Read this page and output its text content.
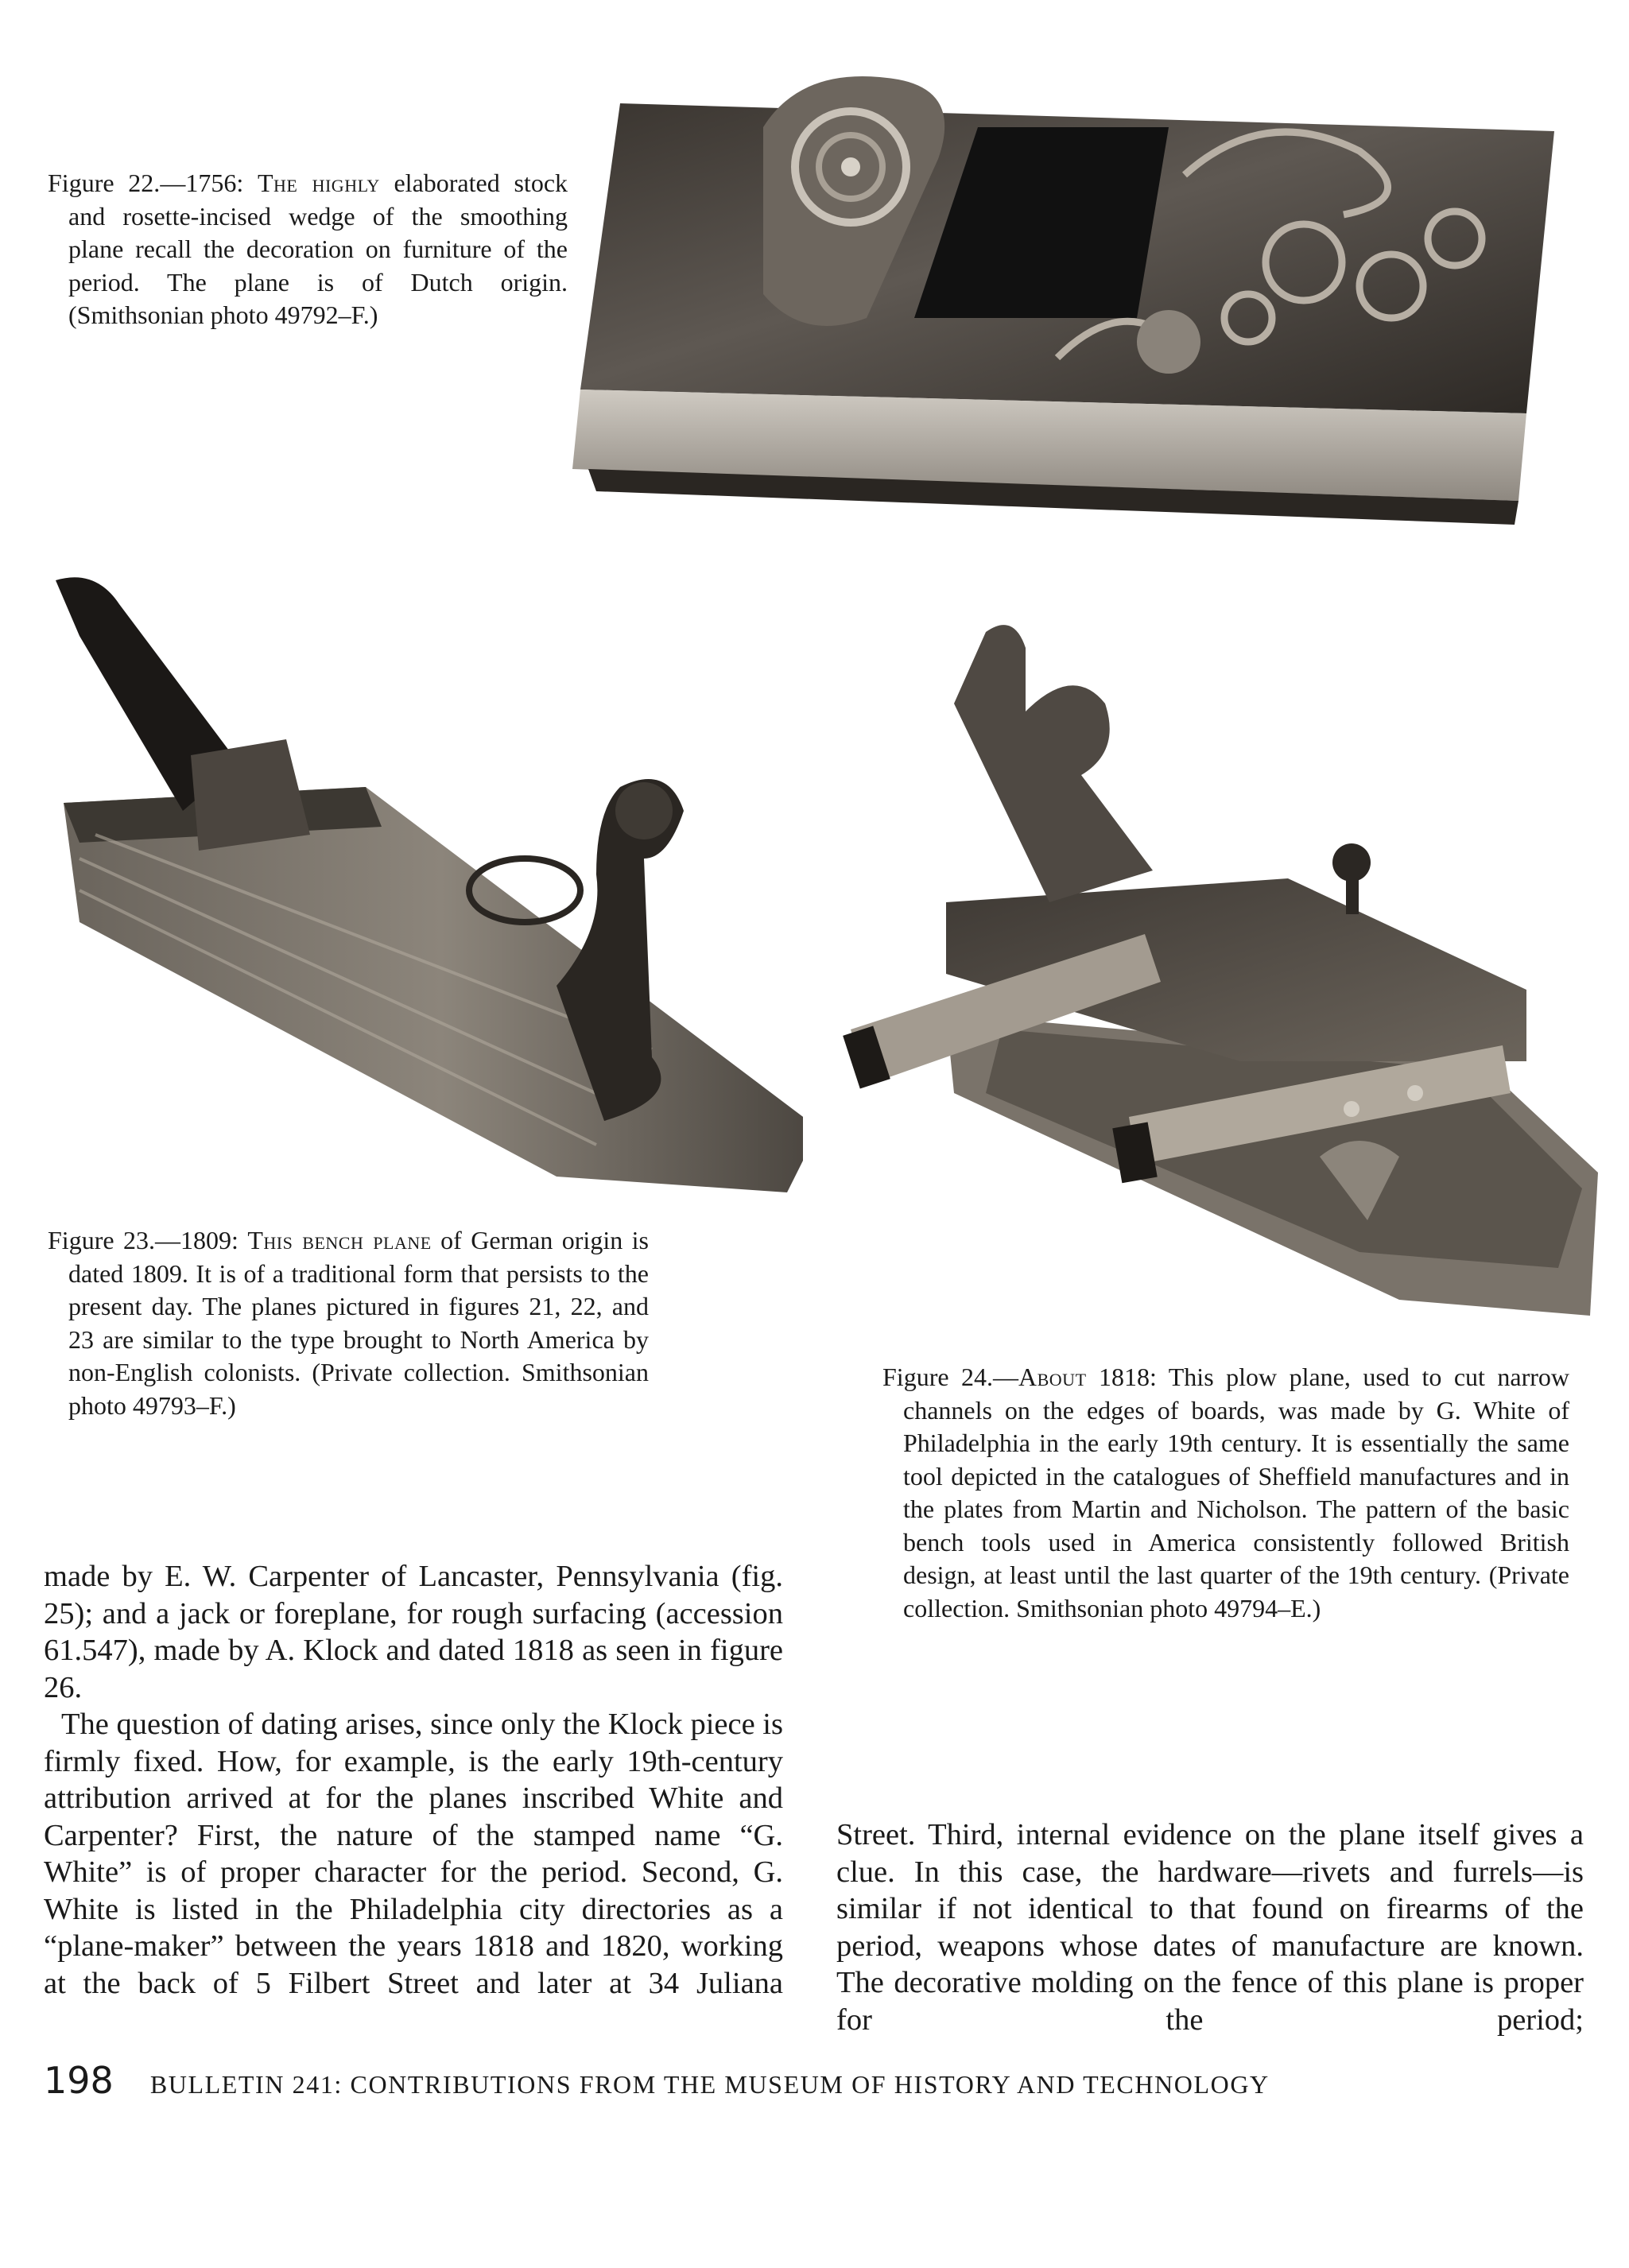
Figure 22.—1756: The highly elaborated stock and rosette-incised wedge of the smoothing plane recall the decoration on furniture of the period. The plane is of Dutch origin. (Smithsonian photo 49792–F.)

Figure 23.—1809: This bench plane of German origin is dated 1809. It is of a traditional form that persists to the present day. The planes pictured in figures 21, 22, and 23 are similar to the type brought to North America by non-English colonists. (Private collection. Smithsonian photo 49793–F.)

Figure 24.—About 1818: This plow plane, used to cut narrow channels on the edges of boards, was made by G. White of Philadelphia in the early 19th century. It is essentially the same tool depicted in the catalogues of Sheffield manufactures and in the plates from Martin and Nicholson. The pattern of the basic bench tools used in America consistently followed British design, at least until the last quarter of the 19th century. (Private collection. Smithsonian photo 49794–E.)

made by E. W. Carpenter of Lancaster, Pennsylvania (fig. 25); and a jack or foreplane, for rough surfacing (accession 61.547), made by A. Klock and dated 1818 as seen in figure 26.

The question of dating arises, since only the Klock piece is firmly fixed. How, for example, is the early 19th-century attribution arrived at for the planes inscribed White and Carpenter? First, the nature of the stamped name “G. White” is of proper character for the period. Second, G. White is listed in the Philadelphia city directories as a “plane-maker” between the years 1818 and 1820, working at the back of 5 Filbert Street and later at 34 Juliana

Street. Third, internal evidence on the plane itself gives a clue. In this case, the hardware—rivets and furrels—is similar if not identical to that found on firearms of the period, weapons whose dates of manufacture are known. The decorative molding on the fence of this plane is proper for the period;

198 BULLETIN 241: CONTRIBUTIONS FROM THE MUSEUM OF HISTORY AND TECHNOLOGY
